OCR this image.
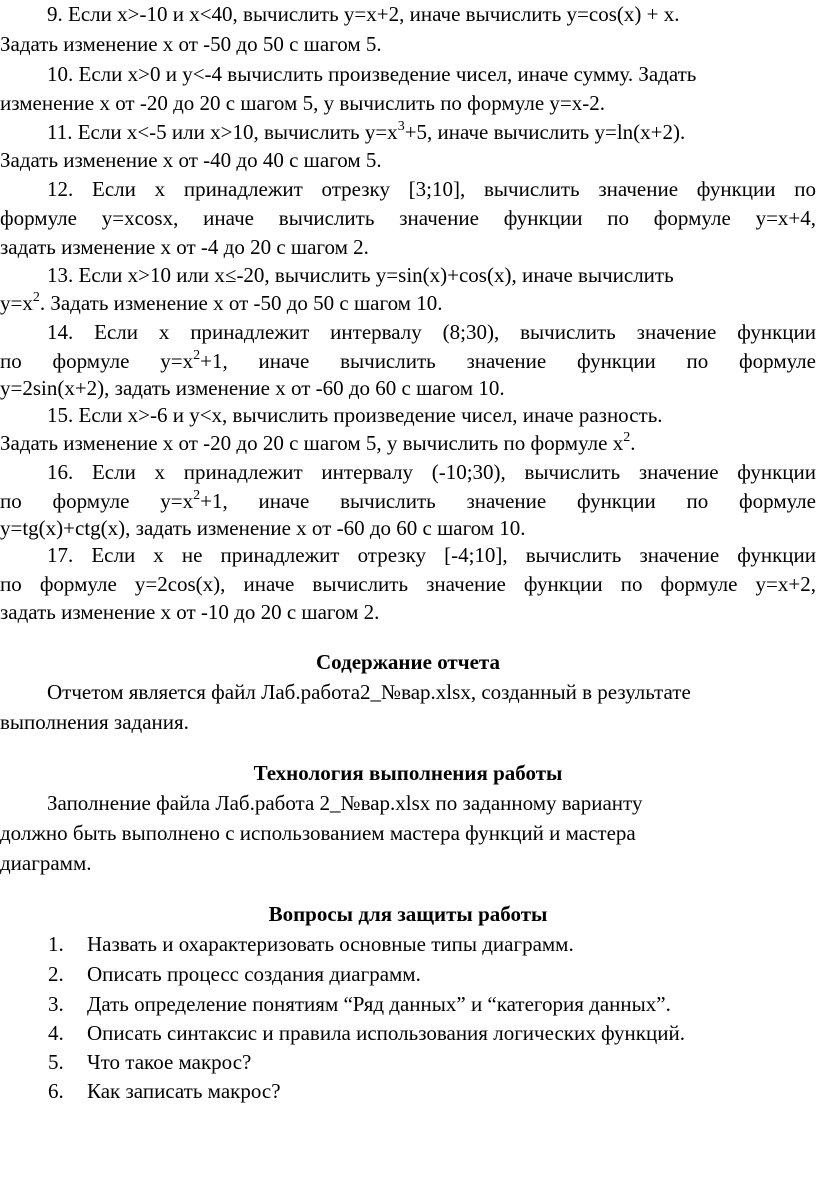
9. Если х>-10 и х<40, вычислить у=х+2, иначе вычислить у=cos(x) + х.
Задать изменение х от -50 до 50 с шагом 5.
10. Если х>0 и у<-4 вычислить произведение чисел, иначе сумму. Задать
изменение х от -20 до 20 с шагом 5, у вычислить по формуле у=х-2.
11. Если х<-5 или х>10, вычислить $у=х^3+5$, иначе вычислить у=ln(x+2).
Задать изменение х от -40 до 40 с шагом 5.
12. Если х принадлежит отрезку [3;10], вычислить значение функции по
формуле у=xcosx, иначе вычислить значение функции по формуле у=х+4,
задать изменение х от -4 до 20 с шагом 2.
13. Если х>10 или х≤-20, вычислить у=sin(x)+cos(x), иначе вычислить
$у=х^2$. Задать изменение х от -50 до 50 с шагом 10.
14. Если х принадлежит интервалу (8;30), вычислить значение функции
по формуле $у=х^2+1$, иначе вычислить значение функции по формуле
у=2sin(х+2), задать изменение х от -60 до 60 с шагом 10.
15. Если х>-6 и у<х, вычислить произведение чисел, иначе разность.
Задать изменение х от -20 до 20 с шагом 5, у вычислить по формуле $х^2$.
16. Если х принадлежит интервалу (-10;30), вычислить значение функции
по формуле $у=х^2+1$, иначе вычислить значение функции по формуле
у=tg(х)+ctg(x), задать изменение х от -60 до 60 с шагом 10.
17. Если х не принадлежит отрезку [-4;10], вычислить значение функции
по формуле у=2cos(х), иначе вычислить значение функции по формуле у=х+2,
задать изменение х от -10 до 20 с шагом 2.
Содержание отчета
Отчетом является файл Лаб.работа2_№вар.xlsx, созданный в результате
выполнения задания.
Технология выполнения работы
Заполнение файла Лаб.работа 2_№вар.xlsx по заданному варианту
должно быть выполнено с использованием мастера функций и мастера
диаграмм.
Вопросы для защиты работы
1. Назвать и охарактеризовать основные типы диаграмм.
2. Описать процесс создания диаграмм.
3. Дать определение понятиям “Ряд данных” и “категория данных”.
4. Описать синтаксис и правила использования логических функций.
5. Что такое макрос?
6. Как записать макрос?
